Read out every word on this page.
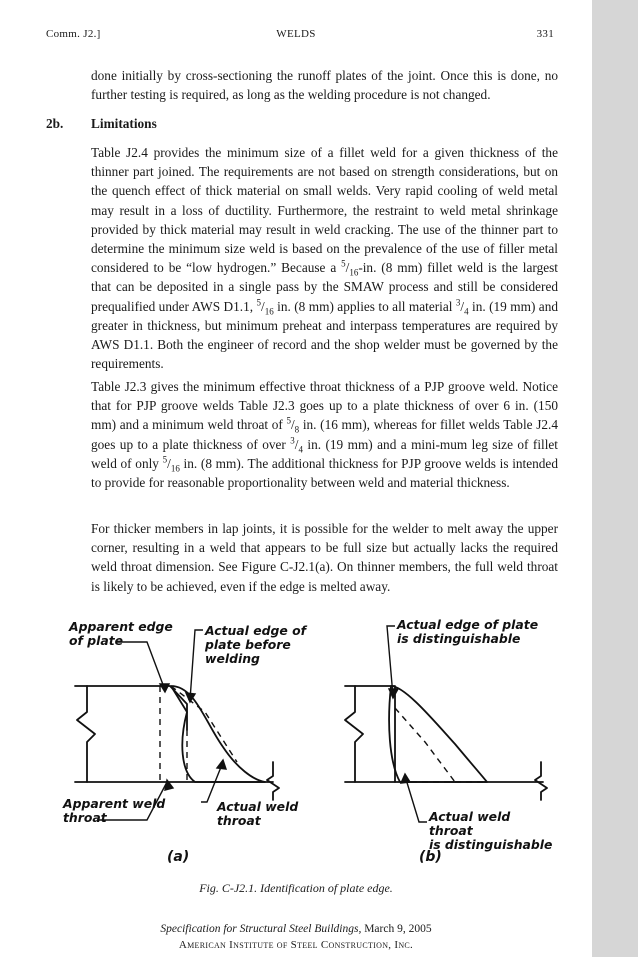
Comm. J2.]	WELDS	331

done initially by cross-sectioning the runoff plates of the joint. Once this is done, no further testing is required, as long as the welding procedure is not changed.

2b. Limitations

Table J2.4 provides the minimum size of a fillet weld for a given thickness of the thinner part joined. The requirements are not based on strength considerations, but on the quench effect of thick material on small welds. Very rapid cooling of weld metal may result in a loss of ductility. Furthermore, the restraint to weld metal shrinkage provided by thick material may result in weld cracking. The use of the thinner part to determine the minimum size weld is based on the prevalence of the use of filler metal considered to be “low hydrogen.” Because a $^5/_{16}-in$. (8 mm) fillet weld is the largest that can be deposited in a single pass by the SMAW process and still be considered prequalified under AWS D1.1, $^5/_{16}$ in. (8 mm) applies to all material $^3/_4$ in. (19 mm) and greater in thickness, but minimum preheat and interpass temperatures are required by AWS D1.1. Both the engineer of record and the shop welder must be governed by the requirements.

Table J2.3 gives the minimum effective throat thickness of a PJP groove weld. Notice that for PJP groove welds Table J2.3 goes up to a plate thickness of over 6 in. (150 mm) and a minimum weld throat of $^5/_8$ in. (16 mm), whereas for fillet welds Table J2.4 goes up to a plate thickness of over $^3/_4$ in. (19 mm) and a mini-mum leg size of fillet weld of only $^5/_{16}$ in. (8 mm). The additional thickness for PJP groove welds is intended to provide for reasonable proportionality between weld and material thickness.

For thicker members in lap joints, it is possible for the welder to melt away the upper corner, resulting in a weld that appears to be full size but actually lacks the required weld throat dimension. See Figure C-J2.1(a). On thinner members, the full weld throat is likely to be achieved, even if the edge is melted away.

Apparent edge
of plate
Actual edge of
plate before
welding
Apparent weld
throat
Actual weld
throat
Actual edge of plate
is distinguishable
Actual weld throat
is distinguishable
(a)	(b)
Fig. C-J2.1. Identification of plate edge.
Specification for Structural Steel Buildings, March 9, 2005
American Institute of Steel Construction, Inc.
